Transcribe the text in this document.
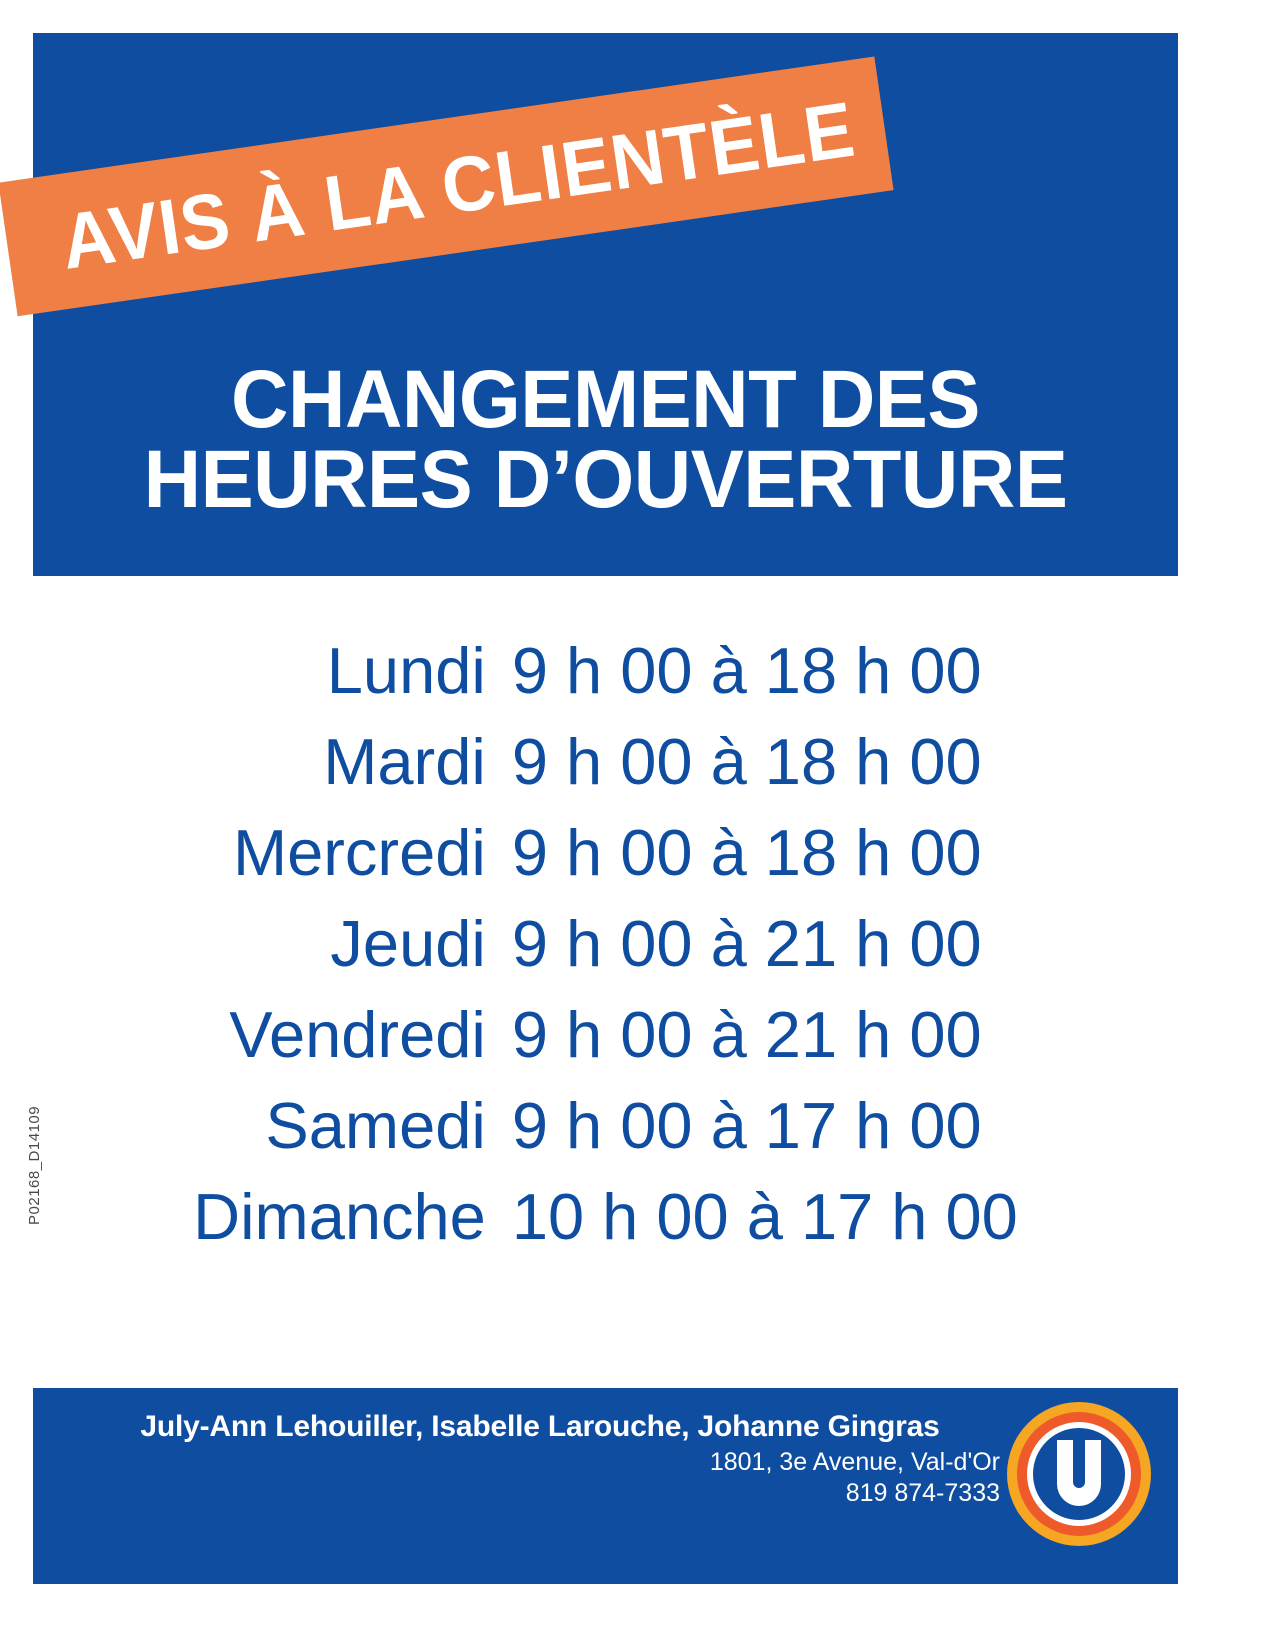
AVIS À LA CLIENTÈLE
CHANGEMENT DES
HEURES D’OUVERTURE
Lundi	9 h 00 à 18 h 00
Mardi	9 h 00 à 18 h 00
Mercredi	9 h 00 à 18 h 00
Jeudi	9 h 00 à 21 h 00
Vendredi	9 h 00 à 21 h 00
Samedi	9 h 00 à 17 h 00
Dimanche	10 h 00 à 17 h 00
P02168_D14109
July-Ann Lehouiller, Isabelle Larouche, Johanne Gingras
1801, 3e Avenue, Val-d'Or
819 874-7333
